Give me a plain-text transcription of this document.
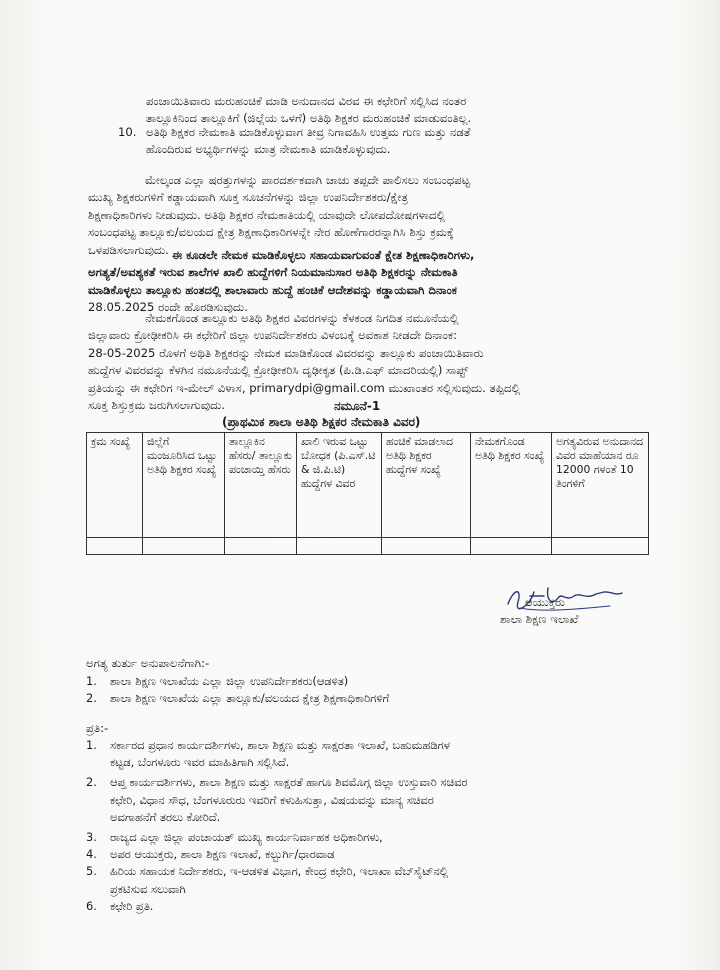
ಪಂಚಾಯಿತಿವಾರು ಮರುಹಂಚಿಕೆ ಮಾಡಿ ಅನುದಾನದ ವಿರವ ಈ ಕಛೇರಿಗೆ ಸಲ್ಲಿಸಿದ ನಂತರ
ತಾಲ್ಲೂಕಿನಿಂದ ತಾಲ್ಲೂಕಿಗೆ (ಜಿಲ್ಲೆಯ ಒಳಗೆ) ಅತಿಥಿ ಶಿಕ್ಷಕರ ಮರುಹಂಚಿಕೆ ಮಾಡುವಂತಿಲ್ಲ.
10. ಅತಿಥಿ ಶಿಕ್ಷಕರ ನೇಮಕಾತಿ ಮಾಡಿಕೊಳ್ಳುವಾಗ ತೀವ್ರ ನಿಗಾವಹಿಸಿ ಉತ್ತಮ ಗುಣ ಮತ್ತು ನಡತೆ
ಹೊಂದಿರುವ ಅಭ್ಯರ್ಥಿಗಳನ್ನು ಮಾತ್ರ ನೇಮಕಾತಿ ಮಾಡಿಕೊಳ್ಳುವುದು.
ಮೇಲ್ಕಂಡ ಎಲ್ಲಾ ಷರತ್ತುಗಳನ್ನು ಪಾರದರ್ಶಕವಾಗಿ ಚಾಚು ತಪ್ಪದೇ ಪಾಲಿಸಲು ಸಂಬಂಧಪಟ್ಟ
ಮುಖ್ಯ ಶಿಕ್ಷಕರುಗಳಿಗೆ ಕಡ್ಡಾಯವಾಗಿ ಸೂಕ್ತ ಸೂಚನೆಗಳನ್ನು ಜಿಲ್ಲಾ ಉಪನಿರ್ದೇಶಕರು/ಕ್ಷೇತ್ರ
ಶಿಕ್ಷಣಾಧಿಕಾರಿಗಳು ನೀಡುವುದು. ಅತಿಥಿ ಶಿಕ್ಷಕರ ನೇಮಕಾತಿಯಲ್ಲಿ ಯಾವುದೇ ಲೋಪದೋಷಗಳಾದಲ್ಲಿ
ಸಂಬಂಧಪಟ್ಟ ತಾಲ್ಲೂಕು/ವಲಯದ ಕ್ಷೇತ್ರ ಶಿಕ್ಷಣಾಧಿಕಾರಿಗಳನ್ನೇ ನೇರ ಹೊಣೆಗಾರರನ್ನಾಗಿಸಿ ಶಿಸ್ತು ಕ್ರಮಕ್ಕೆ
ಒಳಪಡಿಸಲಾಗುವುದು. ಈ ಕೂಡಲೇ ನೇಮಕ ಮಾಡಿಕೊಳ್ಳಲು ಸಹಾಯವಾಗುವಂತೆ ಕ್ಷೇತ ಶಿಕ್ಷಣಾಧಿಕಾರಿಗಳು,
ಅಗತ್ಯತೆ/ಅವಶ್ಯಕತೆ ಇರುವ ಶಾಲೆಗಳ ಖಾಲಿ ಹುದ್ದೆಗಳಿಗೆ ನಿಯಮಾನುಸಾರ ಅತಿಥಿ ಶಿಕ್ಷಕರನ್ನು ನೇಮಕಾತಿ
ಮಾಡಿಕೊಳ್ಳಲು ತಾಲ್ಲೂಕು ಹಂತದಲ್ಲಿ ಶಾಲಾವಾರು ಹುದ್ದೆ ಹಂಚಿಕೆ ಆದೇಶವನ್ನು ಕಡ್ಡಾಯವಾಗಿ ದಿನಾಂಕ
28.05.2025 ರಂದೇ ಹೊರಡಿಸುವುದು.
ನೇಮಕಗೊಂಡ ತಾಲ್ಲೂಕು ಅತಿಥಿ ಶಿಕ್ಷಕರ ವಿವರಗಳನ್ನು ಕೆಳಕಂಡ ನಿಗದಿತ ನಮೂನೆಯಲ್ಲಿ
ಜಿಲ್ಲಾವಾರು ಕ್ರೋಢೀಕರಿಸಿ ಈ ಕಛೇರಿಗೆ ಜಿಲ್ಲಾ ಉಪನಿರ್ದೇಶಕರು ವಿಳಂಬಕ್ಕೆ ಅವಕಾಶ ನೀಡದೇ ದಿನಾಂಕ:
28-05-2025 ರೊಳಗೆ ಅಥಿತಿ ಶಿಕ್ಷಕರನ್ನು ನೇಮಕ ಮಾಡಿಕೊಂಡ ವಿವರವನ್ನು ತಾಲ್ಲೂಕು ಪಂಚಾಯಿತಿವಾರು
ಹುದ್ದೆಗಳ ವಿವರವನ್ನು ಕೆಳಗಿನ ನಮೂನೆಯಲ್ಲಿ ಕ್ರೋಢೀಕರಿಸಿ ದೃಢೀಕೃತ (ಪಿ.ಡಿ.ಎಫ್ ಮಾದರಿಯಲ್ಲಿ) ಸಾಪ್ಟ್
ಪ್ರತಿಯನ್ನು ಈ ಕಛೇರಿಗ ಇ-ಮೇಲ್ ವಿಳಾಸ, primarydpi@gmail.com ಮುಖಾಂತರ ಸಲ್ಲಿಸುವುದು. ತಪ್ಪಿದಲ್ಲಿ
ಸೂಕ್ತ ಶಿಸ್ತುಕ್ರಮ ಜರುಗಿಸಲಾಗುವುದು.	ನಮೂನೆ-1
(ಪ್ರಾಥಮಿಕ ಶಾಲಾ ಅತಿಥಿ ಶಿಕ್ಷಕರ ನೇಮಕಾತಿ ವಿವರ)
ಕ್ರಮ ಸಂಖ್ಯೆ	ಜಿಲ್ಲೆಗೆ ಮಂಜೂರಿಸಿದ ಒಟ್ಟು ಅತಿಥಿ ಶಿಕ್ಷಕರ ಸಂಖ್ಯೆ	ತಾಲ್ಲೂಕಿನ ಹೆಸರು/ ತಾಲ್ಲೂಕು ಪಂಚಾಯ್ತಿ ಹೆಸರು	ಖಾಲಿ ಇರುವ ಒಟ್ಟು ಬೋಧಕ (ಪಿ.ಎಸ್.ಟಿ & ಜಿ.ಪಿ.ಟಿ) ಹುದ್ದೆಗಳ ವಿವರ	ಹಂಚಿಕೆ ಮಾಡಲಾದ ಅತಿಥಿ ಶಿಕ್ಷಕರ ಹುದ್ದೆಗಳ ಸಂಖ್ಯೆ	ನೇಮಕಗೊಂಡ ಅತಿಥಿ ಶಿಕ್ಷಕರ ಸಂಖ್ಯೆ	ಅಗತ್ಯವಿರುವ ಅನುದಾನದ ವಿವರ ಮಾಹೆಯಾನ ರೂ 12000 ಗಳಂತೆ 10 ತಿಂಗಳಿಗೆ

ಆಯುಕ್ತರು
ಶಾಲಾ ಶಿಕ್ಷಣ ಇಲಾಖೆ
ಅಗತ್ಯ ತುರ್ತು ಅನುಪಾಲನೆಗಾಗಿ:-
1. ಶಾಲಾ ಶಿಕ್ಷಣ ಇಲಾಖೆಯ ಎಲ್ಲಾ ಜಿಲ್ಲಾ ಉಪನಿರ್ದೇಶಕರು(ಆಡಳಿತ)
2. ಶಾಲಾ ಶಿಕ್ಷಣ ಇಲಾಖೆಯ ಎಲ್ಲಾ ತಾಲ್ಲೂಕು/ವಲಯದ ಕ್ಷೇತ್ರ ಶಿಕ್ಷಣಾಧಿಕಾರಿಗಳಿಗೆ
ಪ್ರತಿ:-
1. ಸರ್ಕಾರದ ಪ್ರಧಾನ ಕಾರ್ಯದರ್ಶಿಗಳು, ಶಾಲಾ ಶಿಕ್ಷಣ ಮತ್ತು ಸಾಕ್ಷರತಾ ಇಲಾಖೆ, ಬಹುಮಹಡಿಗಳ
ಕಟ್ಟಡ, ಬೆಂಗಳೂರು ಇವರ ಮಾಹಿತಿಗಾಗಿ ಸಲ್ಲಿಸಿದೆ.
2. ಆಪ್ತ ಕಾರ್ಯದರ್ಶಿಗಳು, ಶಾಲಾ ಶಿಕ್ಷಣ ಮತ್ತು ಸಾಕ್ಷರತೆ ಹಾಗೂ ಶಿವಮೊಗ್ಗ ಜಿಲ್ಲಾ ಉಸ್ತುವಾರಿ ಸಚಿವರ
ಕಛೇರಿ, ವಿಧಾನ ಸೌಧ, ಬೆಂಗಳೂರುರು ಇವರಿಗೆ ಕಳುಹಿಸುತ್ತಾ, ವಿಷಯವನ್ನು ಮಾನ್ಯ ಸಚಿವರ
ಅವಗಾಹನೆಗೆ ತರಲು ಕೋರಿದೆ.
3. ರಾಜ್ಯದ ಎಲ್ಲಾ ಜಿಲ್ಲಾ ಪಂಚಾಯತ್ ಮುಖ್ಯ ಕಾರ್ಯನಿರ್ವಾಹಕ ಅಧಿಕಾರಿಗಳು,
4. ಅಪರ ಆಯುಕ್ತರು, ಶಾಲಾ ಶಿಕ್ಷಣ ಇಲಾಖೆ, ಕಲ್ಬುರ್ಗಿ/ಧಾರವಾಡ
5. ಹಿರಿಯ ಸಹಾಯಕ ನಿರ್ದೇಶಕರು, ಇ-ಆಡಳಿತ ವಿಭಾಗ, ಕೇಂದ್ರ ಕಛೇರಿ, ಇಲಾಖಾ ವೆಬ್‌ಸೈಟ್‌ನಲ್ಲಿ
ಪ್ರಕಟಿಸುವ ಸಲುವಾಗಿ
6. ಕಛೇರಿ ಪ್ರತಿ.
